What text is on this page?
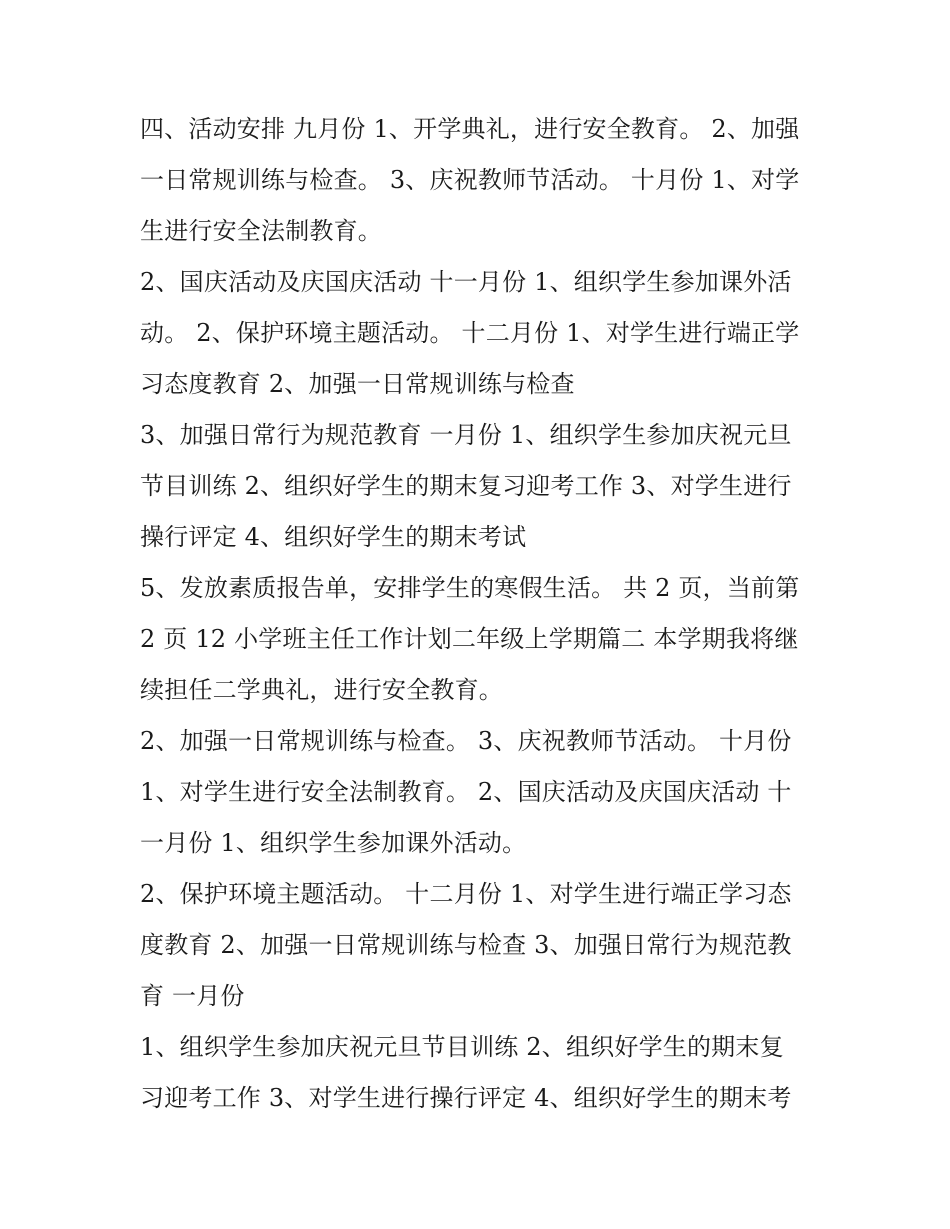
四、活动安排 九月份 1、开学典礼，进行安全教育。 2、加强
一日常规训练与检查。 3、庆祝教师节活动。 十月份 1、对学
生进行安全法制教育。

2、国庆活动及庆国庆活动 十一月份 1、组织学生参加课外活
动。 2、保护环境主题活动。 十二月份 1、对学生进行端正学
习态度教育 2、加强一日常规训练与检查

3、加强日常行为规范教育 一月份 1、组织学生参加庆祝元旦
节目训练 2、组织好学生的期末复习迎考工作 3、对学生进行
操行评定 4、组织好学生的期末考试

5、发放素质报告单，安排学生的寒假生活。 共 2 页，当前第
2 页 12 小学班主任工作计划二年级上学期篇二 本学期我将继
续担任二学典礼，进行安全教育。

2、加强一日常规训练与检查。 3、庆祝教师节活动。 十月份
1、对学生进行安全法制教育。 2、国庆活动及庆国庆活动 十
一月份 1、组织学生参加课外活动。

2、保护环境主题活动。 十二月份 1、对学生进行端正学习态
度教育 2、加强一日常规训练与检查 3、加强日常行为规范教
育 一月份

1、组织学生参加庆祝元旦节目训练 2、组织好学生的期末复
习迎考工作 3、对学生进行操行评定 4、组织好学生的期末考
